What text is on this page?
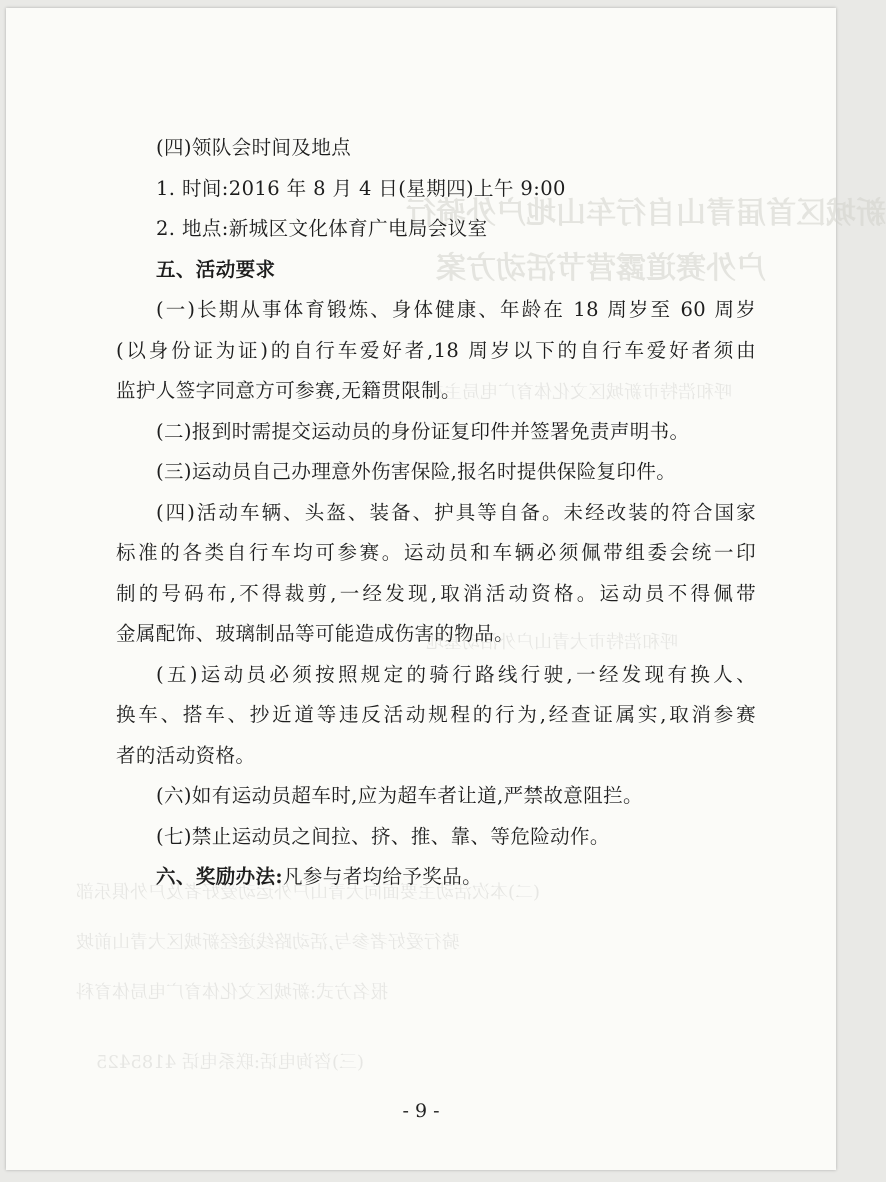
新城区首届青山自行车山地户外骑行
户外赛道露营节活动方案
呼和浩特市新城区文化体育广电局主办
呼和浩特市大青山户外活动基地
(二)本次活动主要面向大青山户外运动爱好者及户外俱乐部
骑行爱好者参与,活动路线途经新城区大青山前坡
报名方式:新城区文化体育广电局体育科
(三)咨询电话:联系电话 4185425
(四)领队会时间及地点
1. 时间:2016 年 8 月 4 日(星期四)上午 9:00
2. 地点:新城区文化体育广电局会议室
五、活动要求
(一)长期从事体育锻炼、身体健康、年龄在 18 周岁至 60 周岁
(以身份证为证)的自行车爱好者,18 周岁以下的自行车爱好者须由
监护人签字同意方可参赛,无籍贯限制。
(二)报到时需提交运动员的身份证复印件并签署免责声明书。
(三)运动员自己办理意外伤害保险,报名时提供保险复印件。
(四)活动车辆、头盔、装备、护具等自备。未经改装的符合国家
标准的各类自行车均可参赛。运动员和车辆必须佩带组委会统一印
制的号码布,不得裁剪,一经发现,取消活动资格。运动员不得佩带
金属配饰、玻璃制品等可能造成伤害的物品。
(五)运动员必须按照规定的骑行路线行驶,一经发现有换人、
换车、搭车、抄近道等违反活动规程的行为,经查证属实,取消参赛
者的活动资格。
(六)如有运动员超车时,应为超车者让道,严禁故意阻拦。
(七)禁止运动员之间拉、挤、推、靠、等危险动作。
六、奖励办法:凡参与者均给予奖品。
- 9 -
